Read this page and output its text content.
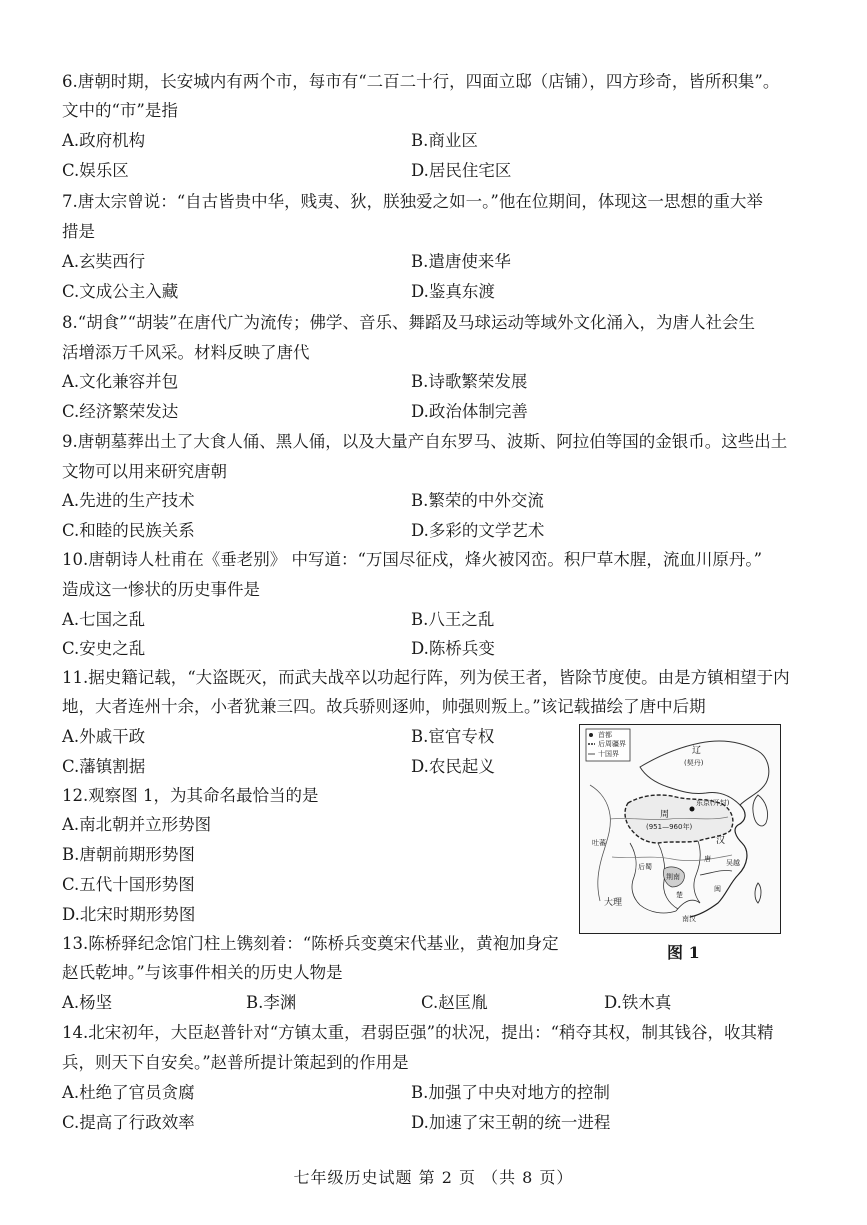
6.唐朝时期，长安城内有两个市，每市有“二百二十行，四面立邸（店铺），四方珍奇，皆所积集”。
文中的“市”是指
A.政府机构	B.商业区
C.娱乐区	D.居民住宅区
7.唐太宗曾说：“自古皆贵中华，贱夷、狄，朕独爱之如一。”他在位期间，体现这一思想的重大举
措是
A.玄奘西行	B.遣唐使来华
C.文成公主入藏	D.鉴真东渡
8.“胡食”“胡装”在唐代广为流传；佛学、音乐、舞蹈及马球运动等域外文化涌入，为唐人社会生
活增添万千风采。材料反映了唐代
A.文化兼容并包	B.诗歌繁荣发展
C.经济繁荣发达	D.政治体制完善
9.唐朝墓葬出土了大食人俑、黑人俑，以及大量产自东罗马、波斯、阿拉伯等国的金银币。这些出土
文物可以用来研究唐朝
A.先进的生产技术	B.繁荣的中外交流
C.和睦的民族关系	D.多彩的文学艺术
10.唐朝诗人杜甫在《垂老别》 中写道：“万国尽征戍，烽火被冈峦。积尸草木腥，流血川原丹。”
造成这一惨状的历史事件是
A.七国之乱	B.八王之乱
C.安史之乱	D.陈桥兵变
11.据史籍记载，“大盗既灭，而武夫战卒以功起行阵，列为侯王者，皆除节度使。由是方镇相望于内
地，大者连州十余，小者犹兼三四。故兵骄则逐帅，帅强则叛上。”该记载描绘了唐中后期
A.外戚干政	B.宦官专权
C.藩镇割据	D.农民起义
12.观察图 1，为其命名最恰当的是
A.南北朝并立形势图
B.唐朝前期形势图
C.五代十国形势图
D.北宋时期形势图
首都
后周疆界
十国界	辽
(契丹)
东京(开封)
周
(951—960年)
吐蕃
后蜀
荆南
汉
唐 吴越
闽
楚
南汉
大理
图 1
13.陈桥驿纪念馆门柱上镌刻着：“陈桥兵变奠宋代基业，黄袍加身定
赵氏乾坤。”与该事件相关的历史人物是
A.杨坚	B.李渊	C.赵匡胤	D.铁木真
14.北宋初年，大臣赵普针对“方镇太重，君弱臣强”的状况，提出：“稍夺其权，制其钱谷，收其精
兵，则天下自安矣。”赵普所提计策起到的作用是
A.杜绝了官员贪腐	B.加强了中央对地方的控制
C.提高了行政效率	D.加速了宋王朝的统一进程
七年级历史试题 第 2 页 （共 8 页）
